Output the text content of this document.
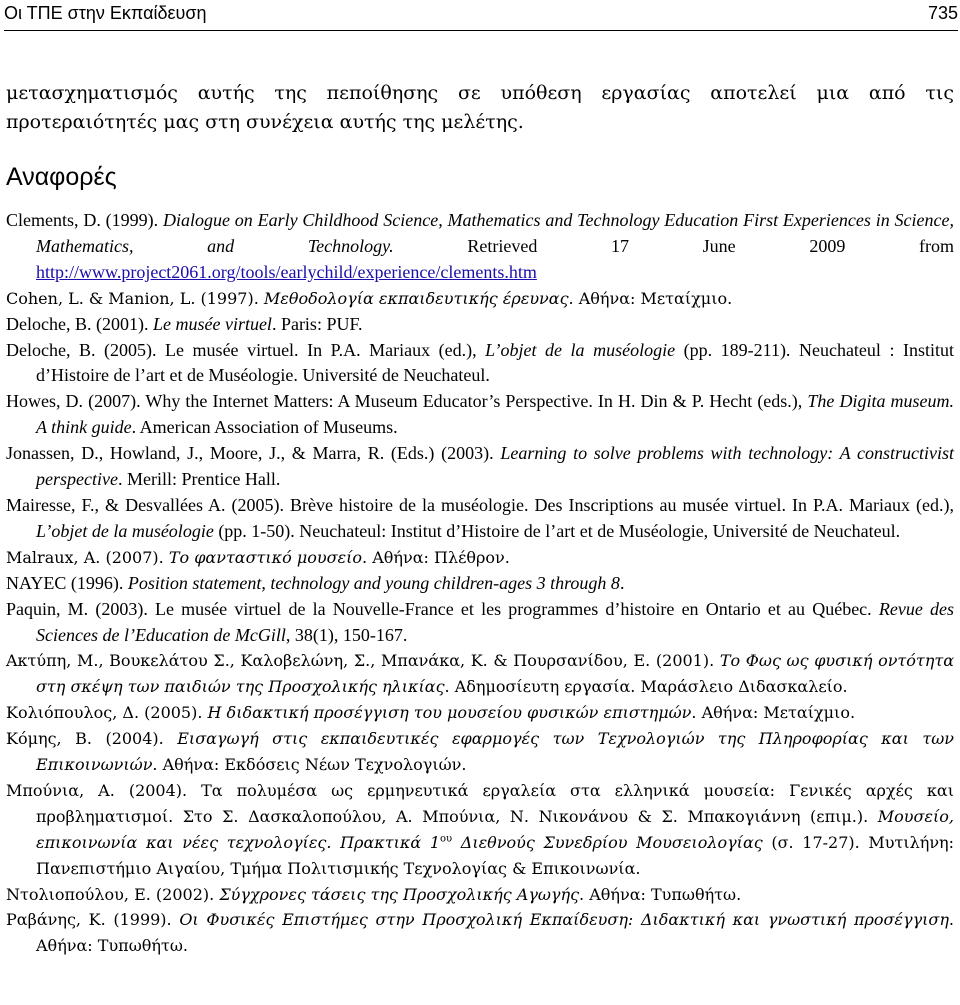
Οι ΤΠΕ στην Εκπαίδευση	735

μετασχηματισμός αυτής της πεποίθησης σε υπόθεση εργασίας αποτελεί μια από τις προτεραιότητές μας στη συνέχεια αυτής της μελέτης.

Αναφορές
Clements, D. (1999). Dialogue on Early Childhood Science, Mathematics and Technology Education First Experiences in Science, Mathematics, and Technology. Retrieved 17 June 2009 from http://www.project2061.org/tools/earlychild/experience/clements.htm
Cohen, L. & Manion, L. (1997). Μεθοδολογία εκπαιδευτικής έρευνας. Αθήνα: Μεταίχμιο.
Deloche, B. (2001). Le musée virtuel. Paris: PUF.
Deloche, B. (2005). Le musée virtuel. In P.A. Mariaux (ed.), L’objet de la muséologie (pp. 189-211). Neuchateul : Institut d’Histoire de l’art et de Muséologie. Université de Neuchateul.
Howes, D. (2007). Why the Internet Matters: A Museum Educator’s Perspective. In H. Din & P. Hecht (eds.), The Digita museum. A think guide. American Association of Museums.
Jonassen, D., Howland, J., Moore, J., & Marra, R. (Eds.) (2003). Learning to solve problems with technology: A constructivist perspective. Merill: Prentice Hall.
Mairesse, F., & Desvallées A. (2005). Brève histoire de la muséologie. Des Inscriptions au musée virtuel. In P.A. Mariaux (ed.), L’objet de la muséologie (pp. 1-50). Neuchateul: Institut d’Histoire de l’art et de Muséologie, Université de Neuchateul.
Malraux, A. (2007). Το φανταστικό μουσείο. Αθήνα: Πλέθρον.
NAYEC (1996). Position statement, technology and young children-ages 3 through 8.
Paquin, M. (2003). Le musée virtuel de la Nouvelle-France et les programmes d’histoire en Ontario et au Québec. Revue des Sciences de l’Education de McGill, 38(1), 150-167.
Ακτύπη, Μ., Βουκελάτου Σ., Καλοβελώνη, Σ., Μπανάκα, Κ. & Πουρσανίδου, Ε. (2001). Το Φως ως φυσική οντότητα στη σκέψη των παιδιών της Προσχολικής ηλικίας. Αδημοσίευτη εργασία. Μαράσλειο Διδασκαλείο.
Κολιόπουλος, Δ. (2005). Η διδακτική προσέγγιση του μουσείου φυσικών επιστημών. Αθήνα: Μεταίχμιο.
Κόμης, Β. (2004). Εισαγωγή στις εκπαιδευτικές εφαρμογές των Τεχνολογιών της Πληροφορίας και των Επικοινωνιών. Αθήνα: Εκδόσεις Νέων Τεχνολογιών.
Μπούνια, Α. (2004). Τα πολυμέσα ως ερμηνευτικά εργαλεία στα ελληνικά μουσεία: Γενικές αρχές και προβληματισμοί. Στο Σ. Δασκαλοπούλου, Α. Μπούνια, Ν. Νικονάνου & Σ. Μπακογιάννη (επιμ.). Μουσείο, επικοινωνία και νέες τεχνολογίες. Πρακτικά $1^{o\upsilon}$ Διεθνούς Συνεδρίου Μουσειολογίας (σ. 17-27). Μυτιλήνη: Πανεπιστήμιο Αιγαίου, Τμήμα Πολιτισμικής Τεχνολογίας & Επικοινωνία.
Ντολιοπούλου, Ε. (2002). Σύγχρονες τάσεις της Προσχολικής Αγωγής. Αθήνα: Τυπωθήτω.
Ραβάνης, Κ. (1999). Οι Φυσικές Επιστήμες στην Προσχολική Εκπαίδευση: Διδακτική και γνωστική προσέγγιση. Αθήνα: Τυπωθήτω.
